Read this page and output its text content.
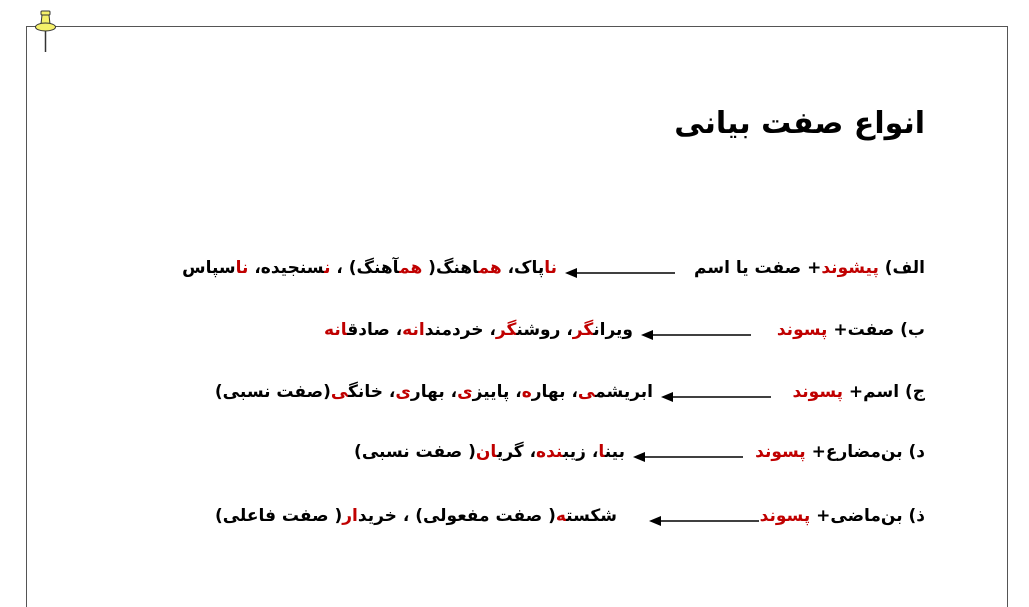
انواع صفت بیانی
الف) پیشوند+ صفت یا اسم
ناپاک، هماهنگ( همآهنگ) ، نسنجیده، ناسپاس
ب) صفت+ پسوند
ویرانگر، روشنگر، خردمندانه، صادقانه
ج) اسم+ پسوند
ابریشمی، بهاره، پاییزی، بهاری، خانگی(صفت نسبی)
د) بن‌مضارع+ پسوند
بینا، زیبنده، گریان( صفت نسبی)
ذ) بن‌ماضی+ پسوند
شکسته( صفت مفعولی) ، خریدار( صفت فاعلی)
